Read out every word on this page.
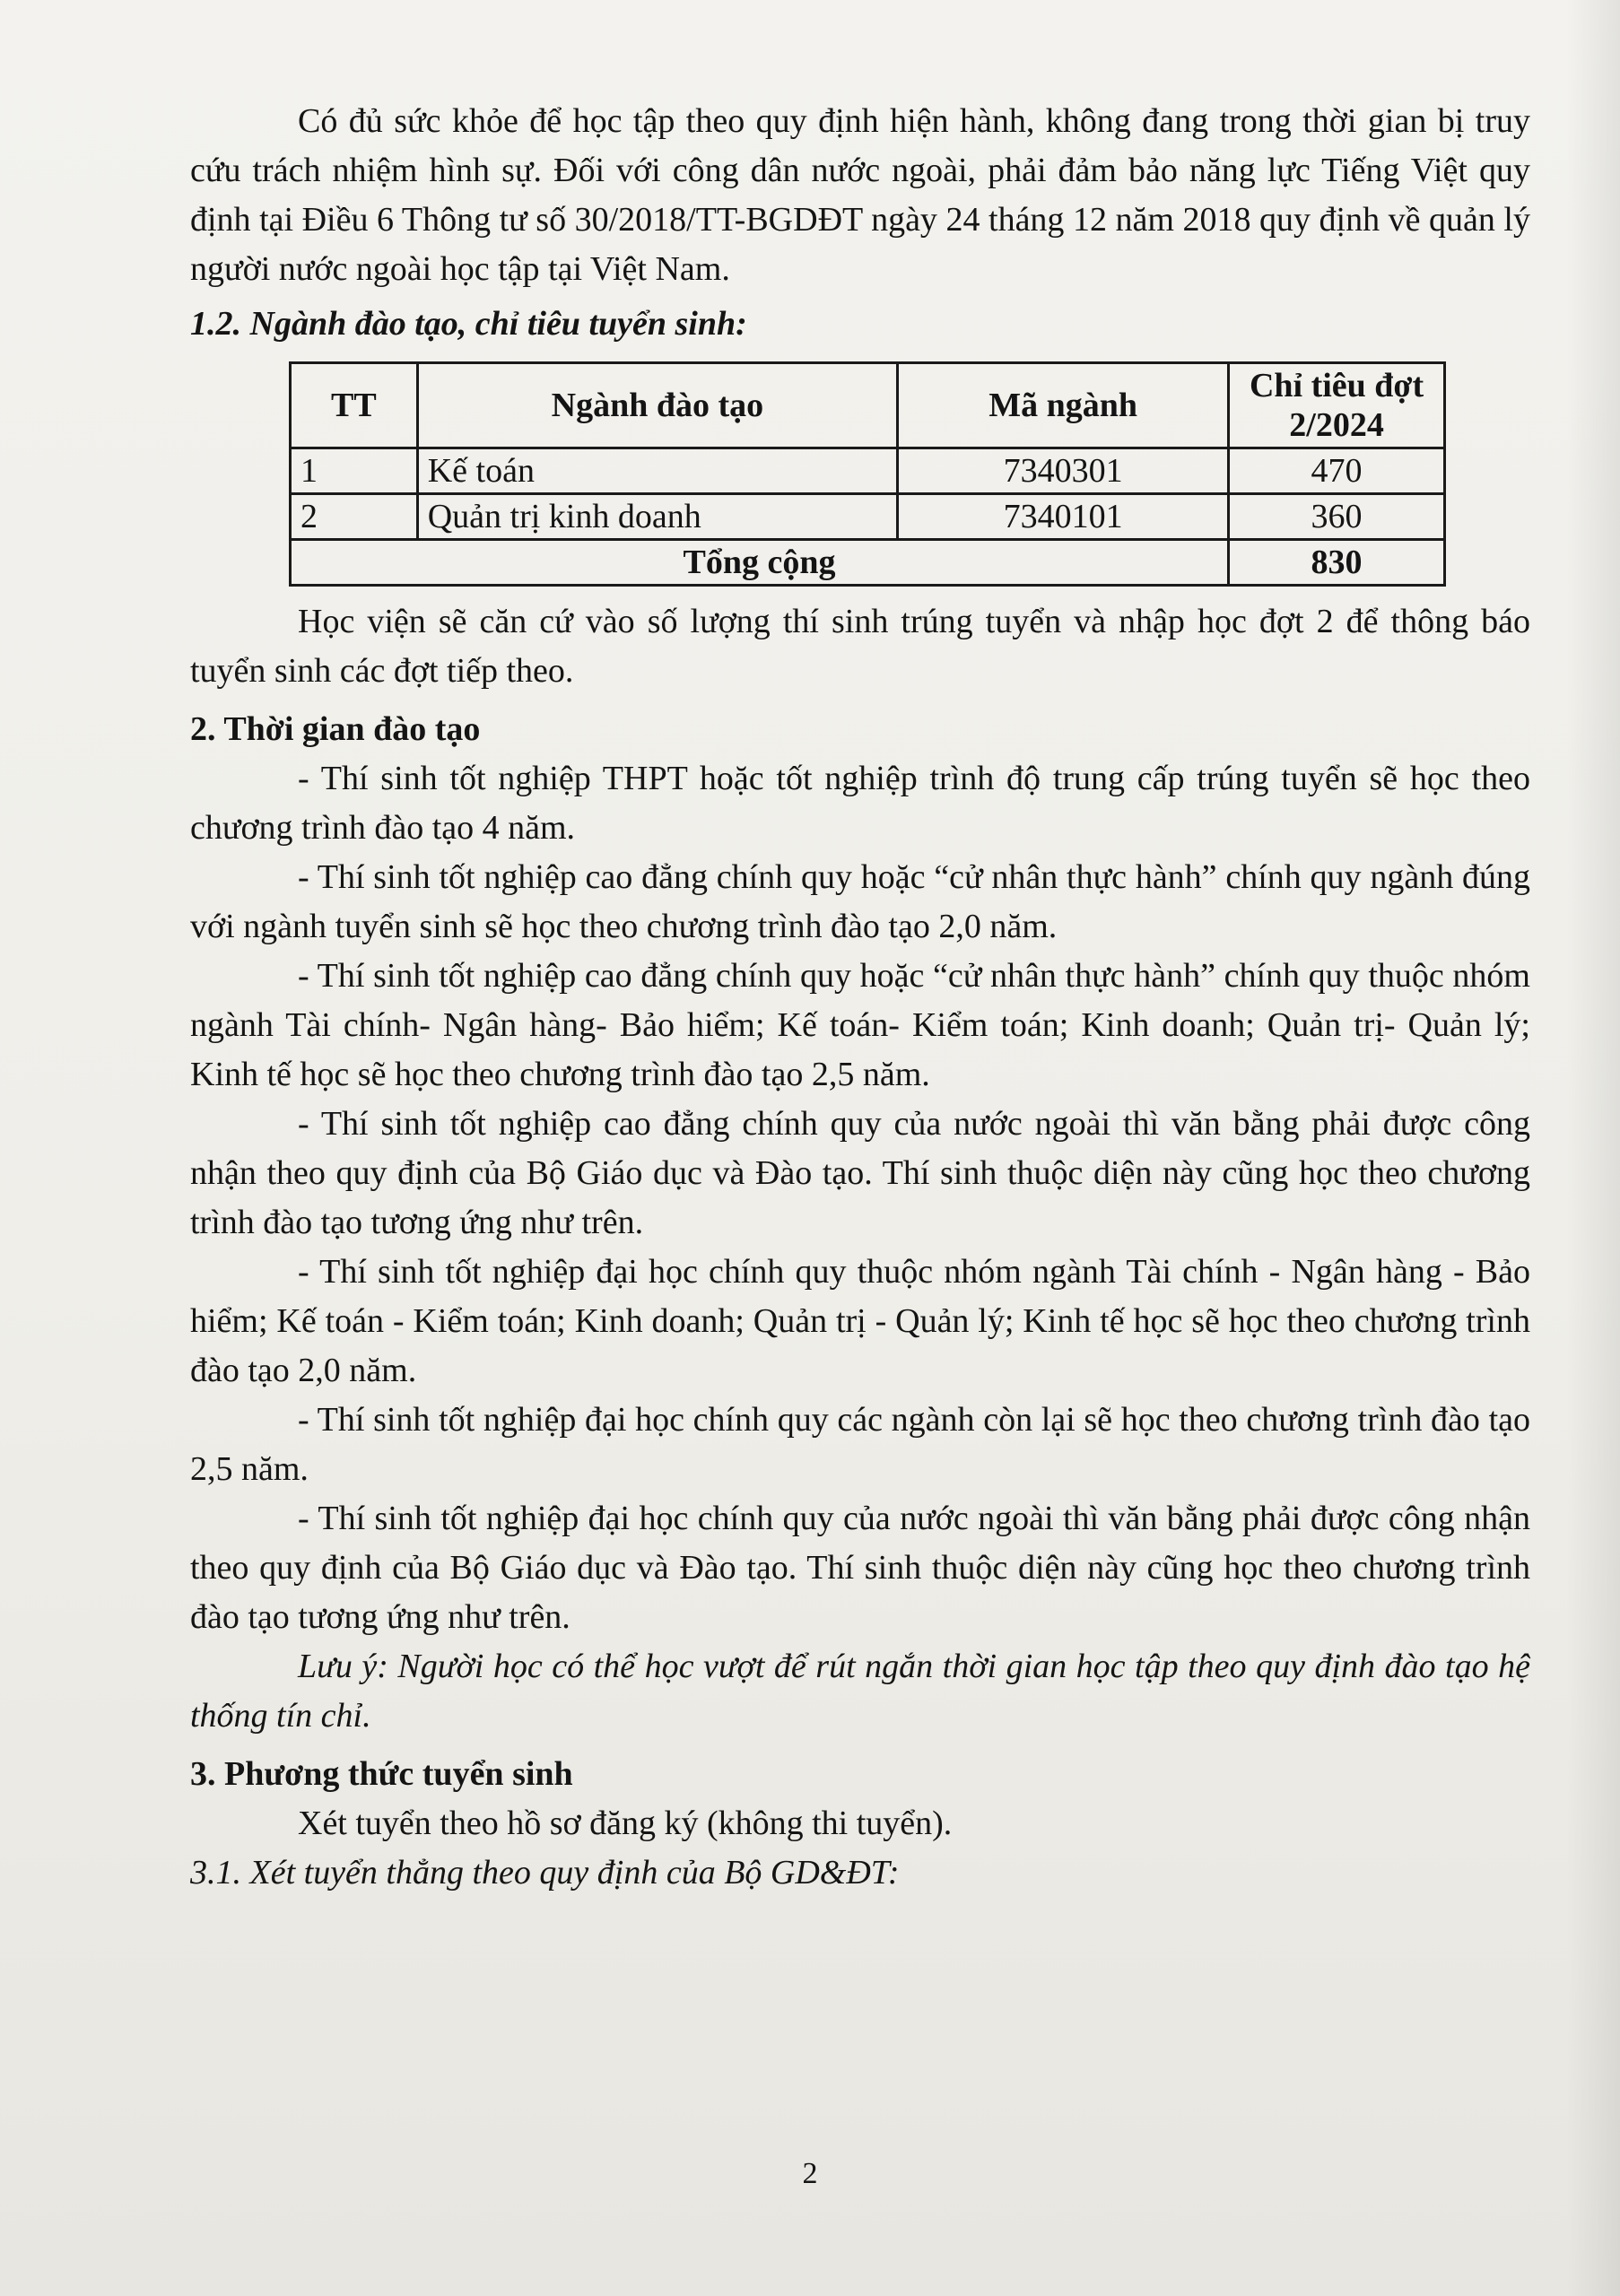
Có đủ sức khỏe để học tập theo quy định hiện hành, không đang trong thời gian bị truy cứu trách nhiệm hình sự. Đối với công dân nước ngoài, phải đảm bảo năng lực Tiếng Việt quy định tại Điều 6 Thông tư số 30/2018/TT-BGDĐT ngày 24 tháng 12 năm 2018 quy định về quản lý người nước ngoài học tập tại Việt Nam.

1.2. Ngành đào tạo, chỉ tiêu tuyển sinh:

TT	Ngành đào tạo	Mã ngành	Chỉ tiêu đợt 2/2024
1	Kế toán	7340301	470
2	Quản trị kinh doanh	7340101	360
Tổng cộng			830

Học viện sẽ căn cứ vào số lượng thí sinh trúng tuyển và nhập học đợt 2 để thông báo tuyển sinh các đợt tiếp theo.

2. Thời gian đào tạo

- Thí sinh tốt nghiệp THPT hoặc tốt nghiệp trình độ trung cấp trúng tuyển sẽ học theo chương trình đào tạo 4 năm.

- Thí sinh tốt nghiệp cao đẳng chính quy hoặc “cử nhân thực hành” chính quy ngành đúng với ngành tuyển sinh sẽ học theo chương trình đào tạo 2,0 năm.

- Thí sinh tốt nghiệp cao đẳng chính quy hoặc “cử nhân thực hành” chính quy thuộc nhóm ngành Tài chính- Ngân hàng- Bảo hiểm; Kế toán- Kiểm toán; Kinh doanh; Quản trị- Quản lý; Kinh tế học sẽ học theo chương trình đào tạo 2,5 năm.

- Thí sinh tốt nghiệp cao đẳng chính quy của nước ngoài thì văn bằng phải được công nhận theo quy định của Bộ Giáo dục và Đào tạo. Thí sinh thuộc diện này cũng học theo chương trình đào tạo tương ứng như trên.

- Thí sinh tốt nghiệp đại học chính quy thuộc nhóm ngành Tài chính - Ngân hàng - Bảo hiểm; Kế toán - Kiểm toán; Kinh doanh; Quản trị - Quản lý; Kinh tế học sẽ học theo chương trình đào tạo 2,0 năm.

- Thí sinh tốt nghiệp đại học chính quy các ngành còn lại sẽ học theo chương trình đào tạo 2,5 năm.

- Thí sinh tốt nghiệp đại học chính quy của nước ngoài thì văn bằng phải được công nhận theo quy định của Bộ Giáo dục và Đào tạo. Thí sinh thuộc diện này cũng học theo chương trình đào tạo tương ứng như trên.

Lưu ý: Người học có thể học vượt để rút ngắn thời gian học tập theo quy định đào tạo hệ thống tín chỉ.

3. Phương thức tuyển sinh

Xét tuyển theo hồ sơ đăng ký (không thi tuyển).

3.1. Xét tuyển thẳng theo quy định của Bộ GD&ĐT:

2
